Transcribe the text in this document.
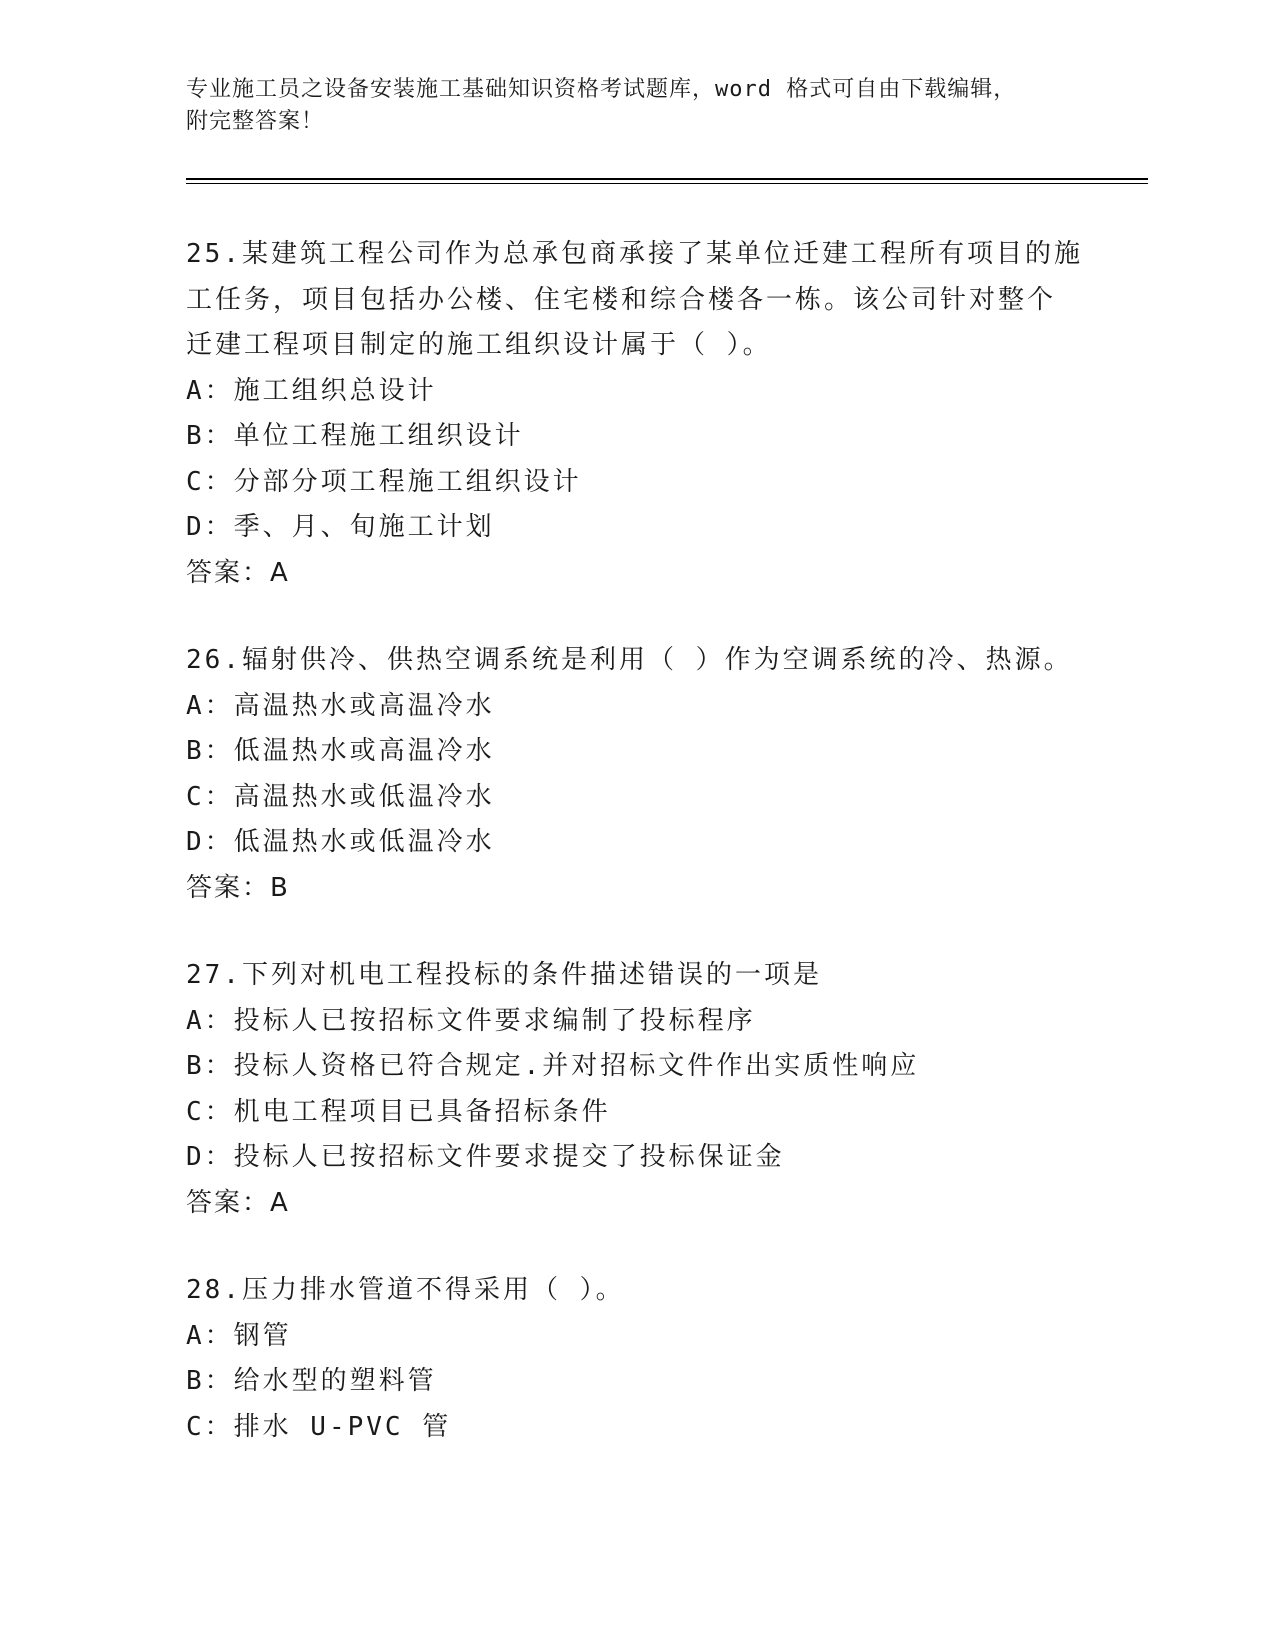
专业施工员之设备安装施工基础知识资格考试题库，word 格式可自由下载编辑，
附完整答案！
25.某建筑工程公司作为总承包商承接了某单位迁建工程所有项目的施
工任务，项目包括办公楼、住宅楼和综合楼各一栋。该公司针对整个
迁建工程项目制定的施工组织设计属于（ ）。
A：施工组织总设计
B：单位工程施工组织设计
C：分部分项工程施工组织设计
D：季、月、旬施工计划
答案：A
26.辐射供冷、供热空调系统是利用（ ）作为空调系统的冷、热源。
A：高温热水或高温冷水
B：低温热水或高温冷水
C：高温热水或低温冷水
D：低温热水或低温冷水
答案：B
27.下列对机电工程投标的条件描述错误的一项是
A：投标人已按招标文件要求编制了投标程序
B：投标人资格已符合规定.并对招标文件作出实质性响应
C：机电工程项目已具备招标条件
D：投标人已按招标文件要求提交了投标保证金
答案：A
28.压力排水管道不得采用（ ）。
A：钢管
B：给水型的塑料管
C：排水 U-PVC 管
